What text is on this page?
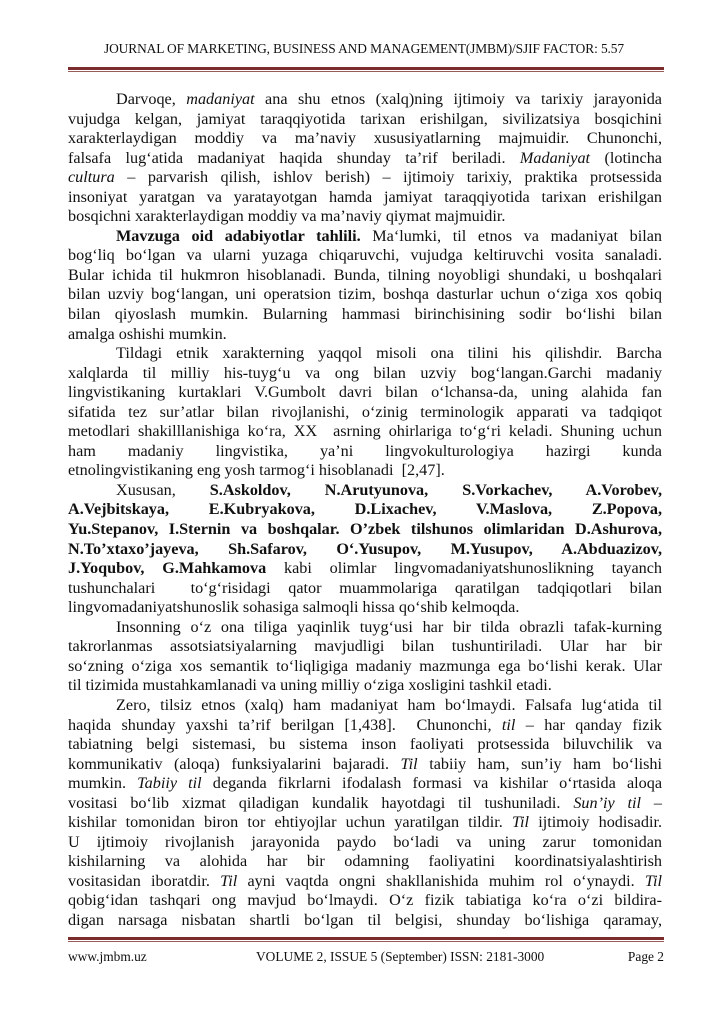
JOURNAL OF MARKETING, BUSINESS AND MANAGEMENT(JMBM)/SJIF FACTOR: 5.57
Darvoqe, madaniyat ana shu etnos (xalq)ning ijtimoiy va tarixiy jarayonida
vujudga kelgan, jamiyat taraqqiyotida tarixan erishilgan, sivilizatsiya bosqichini
xarakterlaydigan moddiy va ma’naviy xususiyatlarning majmuidir. Chunonchi,
falsafa lug‘atida madaniyat haqida shunday ta’rif beriladi. Madaniyat (lotincha
cultura – parvarish qilish, ishlov berish) – ijtimoiy tarixiy, praktika protsessida
insoniyat yaratgan va yaratayotgan hamda jamiyat taraqqiyotida tarixan erishilgan
bosqichni xarakterlaydigan moddiy va ma’naviy qiymat majmuidir.
Mavzuga oid adabiyotlar tahlili. Ma‘lumki, til etnos va madaniyat bilan
bog‘liq bo‘lgan va ularni yuzaga chiqaruvchi, vujudga keltiruvchi vosita sanaladi.
Bular ichida til hukmron hisoblanadi. Bunda, tilning noyobligi shundaki, u boshqalari
bilan uzviy bog‘langan, uni operatsion tizim, boshqa dasturlar uchun o‘ziga xos qobiq
bilan qiyoslash mumkin. Bularning hammasi birinchisining sodir bo‘lishi bilan
amalga oshishi mumkin.
Tildagi etnik xarakterning yaqqol misoli ona tilini his qilishdir. Barcha
xalqlarda til milliy his-tuyg‘u va ong bilan uzviy bog‘langan.Garchi madaniy
lingvistikaning kurtaklari V.Gumbolt davri bilan o‘lchansa-da, uning alahida fan
sifatida tez sur’atlar bilan rivojlanishi, o‘zinig terminologik apparati va tadqiqot
metodlari shakilllanishiga ko‘ra, XX  asrning ohirlariga to‘g‘ri keladi. Shuning uchun
ham madaniy lingvistika, ya’ni lingvokulturologiya hazirgi kunda
etnolingvistikaning eng yosh tarmog‘i hisoblanadi  [2,47].
Xususan, S.Askoldov, N.Arutyunova, S.Vorkachev, A.Vorobev,
A.Vejbitskaya, E.Kubryakova, D.Lixachev, V.Maslova, Z.Popova,
Yu.Stepanov, I.Sternin va boshqalar. O’zbek tilshunos olimlaridan D.Ashurova,
N.To’xtaxo’jayeva, Sh.Safarov, O‘.Yusupov, M.Yusupov, A.Abduazizov,
J.Yoqubov, G.Mahkamova kabi olimlar lingvomadaniyatshunoslikning tayanch
tushunchalari  to‘g‘risidagi qator muammolariga qaratilgan tadqiqotlari bilan
lingvomadaniyatshunoslik sohasiga salmoqli hissa qo‘shib kelmoqda.
Insonning o‘z ona tiliga yaqinlik tuyg‘usi har bir tilda obrazli tafak-kurning
takrorlanmas assotsiatsiyalarning mavjudligi bilan tushuntiriladi. Ular har bir
so‘zning o‘ziga xos semantik to‘liqligiga madaniy mazmunga ega bo‘lishi kerak. Ular
til tizimida mustahkamlanadi va uning milliy o‘ziga xosligini tashkil etadi.
Zero, tilsiz etnos (xalq) ham madaniyat ham bo‘lmaydi. Falsafa lug‘atida til
haqida shunday yaxshi ta’rif berilgan [1,438].  Chunonchi, til – har qanday fizik
tabiatning belgi sistemasi, bu sistema inson faoliyati protsessida biluvchilik va
kommunikativ (aloqa) funksiyalarini bajaradi. Til tabiiy ham, sun’iy ham bo‘lishi
mumkin. Tabiiy til deganda fikrlarni ifodalash formasi va kishilar o‘rtasida aloqa
vositasi bo‘lib xizmat qiladigan kundalik hayotdagi til tushuniladi. Sun’iy til –
kishilar tomonidan biron tor ehtiyojlar uchun yaratilgan tildir. Til ijtimoiy hodisadir.
U ijtimoiy rivojlanish jarayonida paydo bo‘ladi va uning zarur tomonidan
kishilarning va alohida har bir odamning faoliyatini koordinatsiyalashtirish
vositasidan iboratdir. Til ayni vaqtda ongni shakllanishida muhim rol o‘ynaydi. Til
qobig‘idan tashqari ong mavjud bo‘lmaydi. O‘z fizik tabiatiga ko‘ra o‘zi bildira-
digan narsaga nisbatan shartli bo‘lgan til belgisi, shunday bo‘lishiga qaramay,
www.jmbm.uz	VOLUME 2, ISSUE 5 (September) ISSN: 2181-3000	Page 2
